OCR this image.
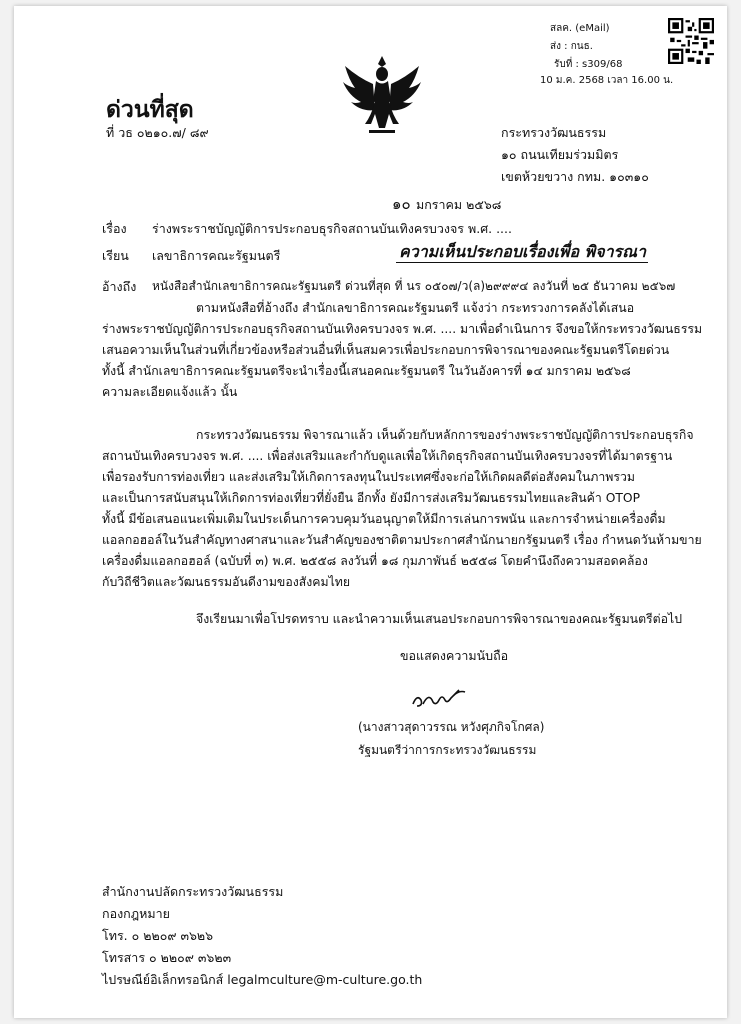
สลค. (eMail)
ส่ง : กนธ.
รับที่ : s309/68
10 ม.ค. 2568 เวลา 16.00 น.
ด่วนที่สุด
ที่ วธ ๐๒๑๐.๗/ ๘๙	กระทรวงวัฒนธรรม
๑๐ ถนนเทียมร่วมมิตร
เขตห้วยขวาง กทม. ๑๐๓๑๐
๑๐ มกราคม ๒๕๖๘
เรื่อง ร่างพระราชบัญญัติการประกอบธุรกิจสถานบันเทิงครบวงจร พ.ศ. ....
เรียน เลขาธิการคณะรัฐมนตรี	ความเห็นประกอบเรื่องเพื่อ พิจารณา
อ้างถึง หนังสือสำนักเลขาธิการคณะรัฐมนตรี ด่วนที่สุด ที่ นร ๐๕๐๗/ว(ล)๒๙๙๙๔ ลงวันที่ ๒๕ ธันวาคม ๒๕๖๗
ตามหนังสือที่อ้างถึง สำนักเลขาธิการคณะรัฐมนตรี แจ้งว่า กระทรวงการคลังได้เสนอ
ร่างพระราชบัญญัติการประกอบธุรกิจสถานบันเทิงครบวงจร พ.ศ. .... มาเพื่อดำเนินการ จึงขอให้กระทรวงวัฒนธรรม
เสนอความเห็นในส่วนที่เกี่ยวข้องหรือส่วนอื่นที่เห็นสมควรเพื่อประกอบการพิจารณาของคณะรัฐมนตรีโดยด่วน
ทั้งนี้ สำนักเลขาธิการคณะรัฐมนตรีจะนำเรื่องนี้เสนอคณะรัฐมนตรี ในวันอังคารที่ ๑๔ มกราคม ๒๕๖๘
ความละเอียดแจ้งแล้ว นั้น
กระทรวงวัฒนธรรม พิจารณาแล้ว เห็นด้วยกับหลักการของร่างพระราชบัญญัติการประกอบธุรกิจ
สถานบันเทิงครบวงจร พ.ศ. .... เพื่อส่งเสริมและกำกับดูแลเพื่อให้เกิดธุรกิจสถานบันเทิงครบวงจรที่ได้มาตรฐาน
เพื่อรองรับการท่องเที่ยว และส่งเสริมให้เกิดการลงทุนในประเทศซึ่งจะก่อให้เกิดผลดีต่อสังคมในภาพรวม
และเป็นการสนับสนุนให้เกิดการท่องเที่ยวที่ยั่งยืน อีกทั้ง ยังมีการส่งเสริมวัฒนธรรมไทยและสินค้า OTOP
ทั้งนี้ มีข้อเสนอแนะเพิ่มเติมในประเด็นการควบคุมวันอนุญาตให้มีการเล่นการพนัน และการจำหน่ายเครื่องดื่ม
แอลกอฮอล์ในวันสำคัญทางศาสนาและวันสำคัญของชาติตามประกาศสำนักนายกรัฐมนตรี เรื่อง กำหนดวันห้ามขาย
เครื่องดื่มแอลกอฮอล์ (ฉบับที่ ๓) พ.ศ. ๒๕๕๘ ลงวันที่ ๑๘ กุมภาพันธ์ ๒๕๕๘ โดยคำนึงถึงความสอดคล้อง
กับวิถีชีวิตและวัฒนธรรมอันดีงามของสังคมไทย
จึงเรียนมาเพื่อโปรดทราบ และนำความเห็นเสนอประกอบการพิจารณาของคณะรัฐมนตรีต่อไป
ขอแสดงความนับถือ
(นางสาวสุดาวรรณ หวังศุภกิจโกศล)
รัฐมนตรีว่าการกระทรวงวัฒนธรรม
สำนักงานปลัดกระทรวงวัฒนธรรม
กองกฎหมาย
โทร. ๐ ๒๒๐๙ ๓๖๒๖
โทรสาร ๐ ๒๒๐๙ ๓๖๒๓
ไปรษณีย์อิเล็กทรอนิกส์ legalmculture@m-culture.go.th
